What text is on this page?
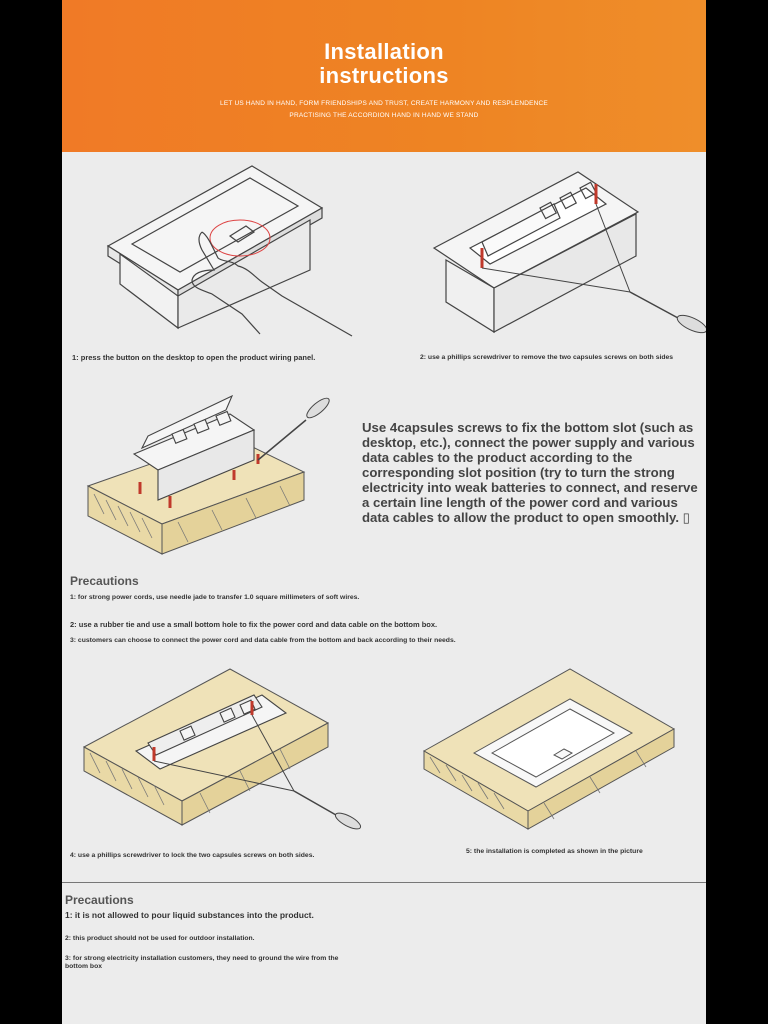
Installation
instructions
LET US HAND IN HAND, FORM FRIENDSHIPS AND TRUST, CREATE HARMONY AND RESPLENDENCE
PRACTISING THE ACCORDION HAND IN HAND WE STAND
1: press the button on the desktop to open the product wiring panel.	2: use a phillips screwdriver to remove the two capsules screws on both sides
Use 4capsules screws to fix the bottom slot (such as desktop, etc.), connect the power supply and various data cables to the product according to the corresponding slot position (try to turn the strong electricity into weak batteries to connect, and reserve a certain line length of the power cord and various data cables to allow the product to open smoothly. ▯
Precautions
1: for strong power cords, use needle jade to transfer 1.0 square millimeters of soft wires.
2: use a rubber tie and use a small bottom hole to fix the power cord and data cable on the bottom box.
3: customers can choose to connect the power cord and data cable from the bottom and back according to their needs.
4: use a phillips screwdriver to lock the two capsules screws on both sides.
5: the installation is completed as shown in the picture
Precautions
1: it is not allowed to pour liquid substances into the product.
2: this product should not be used for outdoor installation.
3: for strong electricity installation customers, they need to ground the wire from the bottom box
